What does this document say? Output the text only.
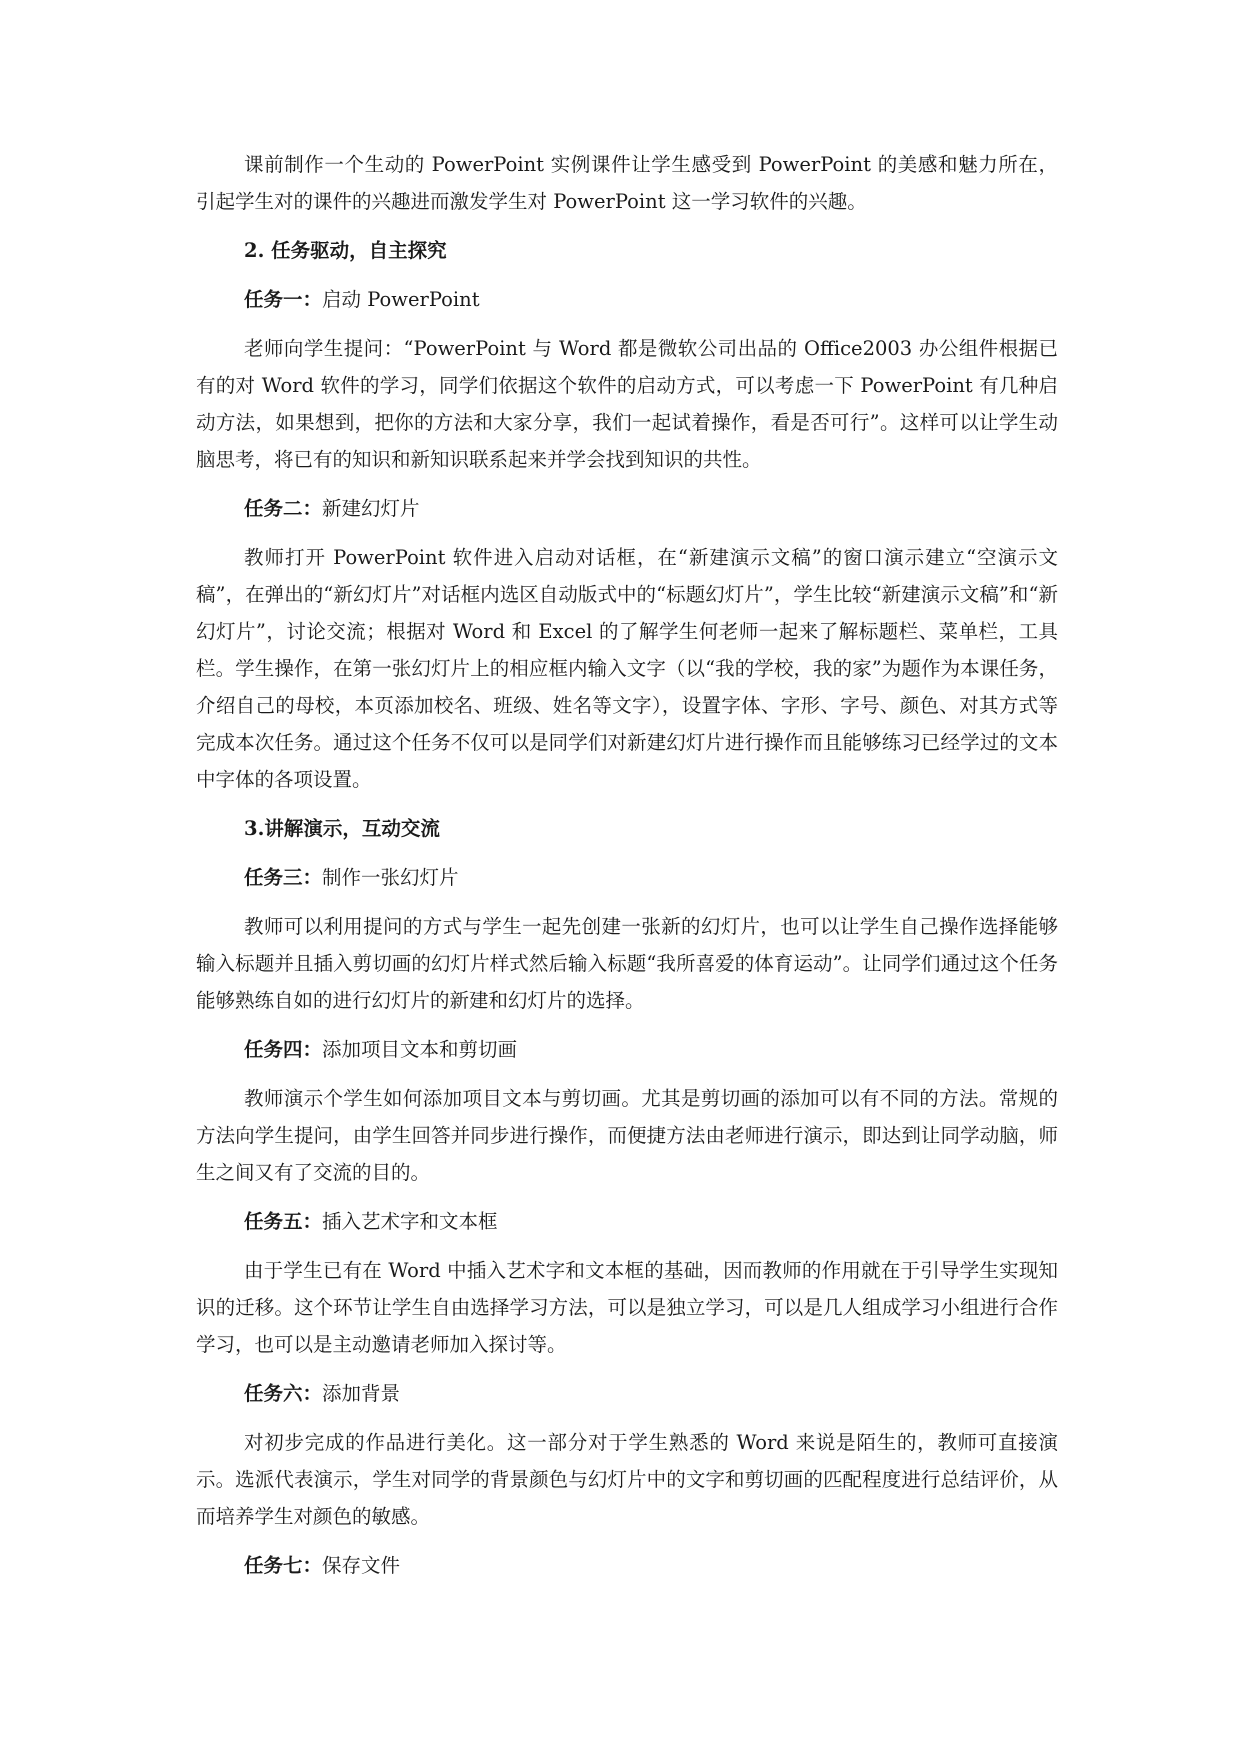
课前制作一个生动的 PowerPoint 实例课件让学生感受到 PowerPoint 的美感和魅力所在，引起学生对的课件的兴趣进而激发学生对 PowerPoint 这一学习软件的兴趣。

2. 任务驱动，自主探究

任务一：启动 PowerPoint

老师向学生提问：“PowerPoint 与 Word 都是微软公司出品的 Office2003 办公组件根据已有的对 Word 软件的学习，同学们依据这个软件的启动方式，可以考虑一下 PowerPoint 有几种启动方法，如果想到，把你的方法和大家分享，我们一起试着操作，看是否可行”。这样可以让学生动脑思考，将已有的知识和新知识联系起来并学会找到知识的共性。

任务二：新建幻灯片

教师打开 PowerPoint 软件进入启动对话框，在“新建演示文稿”的窗口演示建立“空演示文稿”，在弹出的“新幻灯片”对话框内选区自动版式中的“标题幻灯片”，学生比较“新建演示文稿”和“新幻灯片”，讨论交流；根据对 Word 和 Excel 的了解学生何老师一起来了解标题栏、菜单栏，工具栏。学生操作，在第一张幻灯片上的相应框内输入文字（以“我的学校，我的家”为题作为本课任务，介绍自己的母校，本页添加校名、班级、姓名等文字），设置字体、字形、字号、颜色、对其方式等完成本次任务。通过这个任务不仅可以是同学们对新建幻灯片进行操作而且能够练习已经学过的文本中字体的各项设置。

3.讲解演示，互动交流

任务三：制作一张幻灯片

教师可以利用提问的方式与学生一起先创建一张新的幻灯片，也可以让学生自己操作选择能够输入标题并且插入剪切画的幻灯片样式然后输入标题“我所喜爱的体育运动”。让同学们通过这个任务能够熟练自如的进行幻灯片的新建和幻灯片的选择。

任务四：添加项目文本和剪切画

教师演示个学生如何添加项目文本与剪切画。尤其是剪切画的添加可以有不同的方法。常规的方法向学生提问，由学生回答并同步进行操作，而便捷方法由老师进行演示，即达到让同学动脑，师生之间又有了交流的目的。

任务五：插入艺术字和文本框

由于学生已有在 Word 中插入艺术字和文本框的基础，因而教师的作用就在于引导学生实现知识的迁移。这个环节让学生自由选择学习方法，可以是独立学习，可以是几人组成学习小组进行合作学习，也可以是主动邀请老师加入探讨等。

任务六：添加背景

对初步完成的作品进行美化。这一部分对于学生熟悉的 Word 来说是陌生的，教师可直接演示。选派代表演示，学生对同学的背景颜色与幻灯片中的文字和剪切画的匹配程度进行总结评价，从而培养学生对颜色的敏感。

任务七：保存文件
